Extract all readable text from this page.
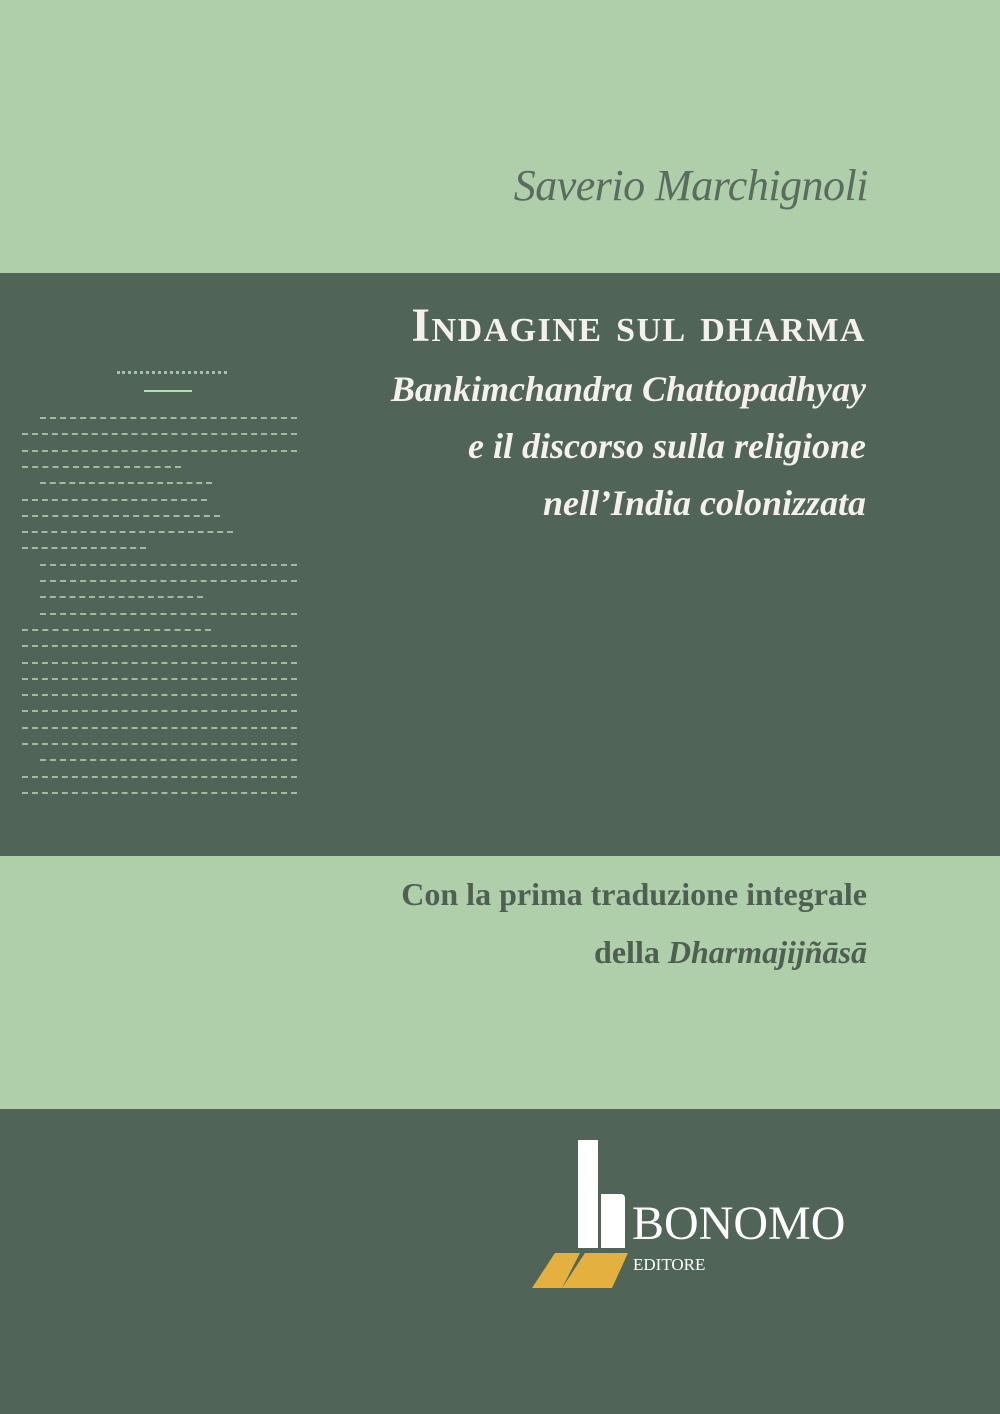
Saverio Marchignoli
Indagine sul dharma
Bankimchandra Chattopadhyay
e il discorso sulla religione
nell’India colonizzata
Con la prima traduzione integrale
della Dharmajijñāsā
BONOMO
EDITORE
